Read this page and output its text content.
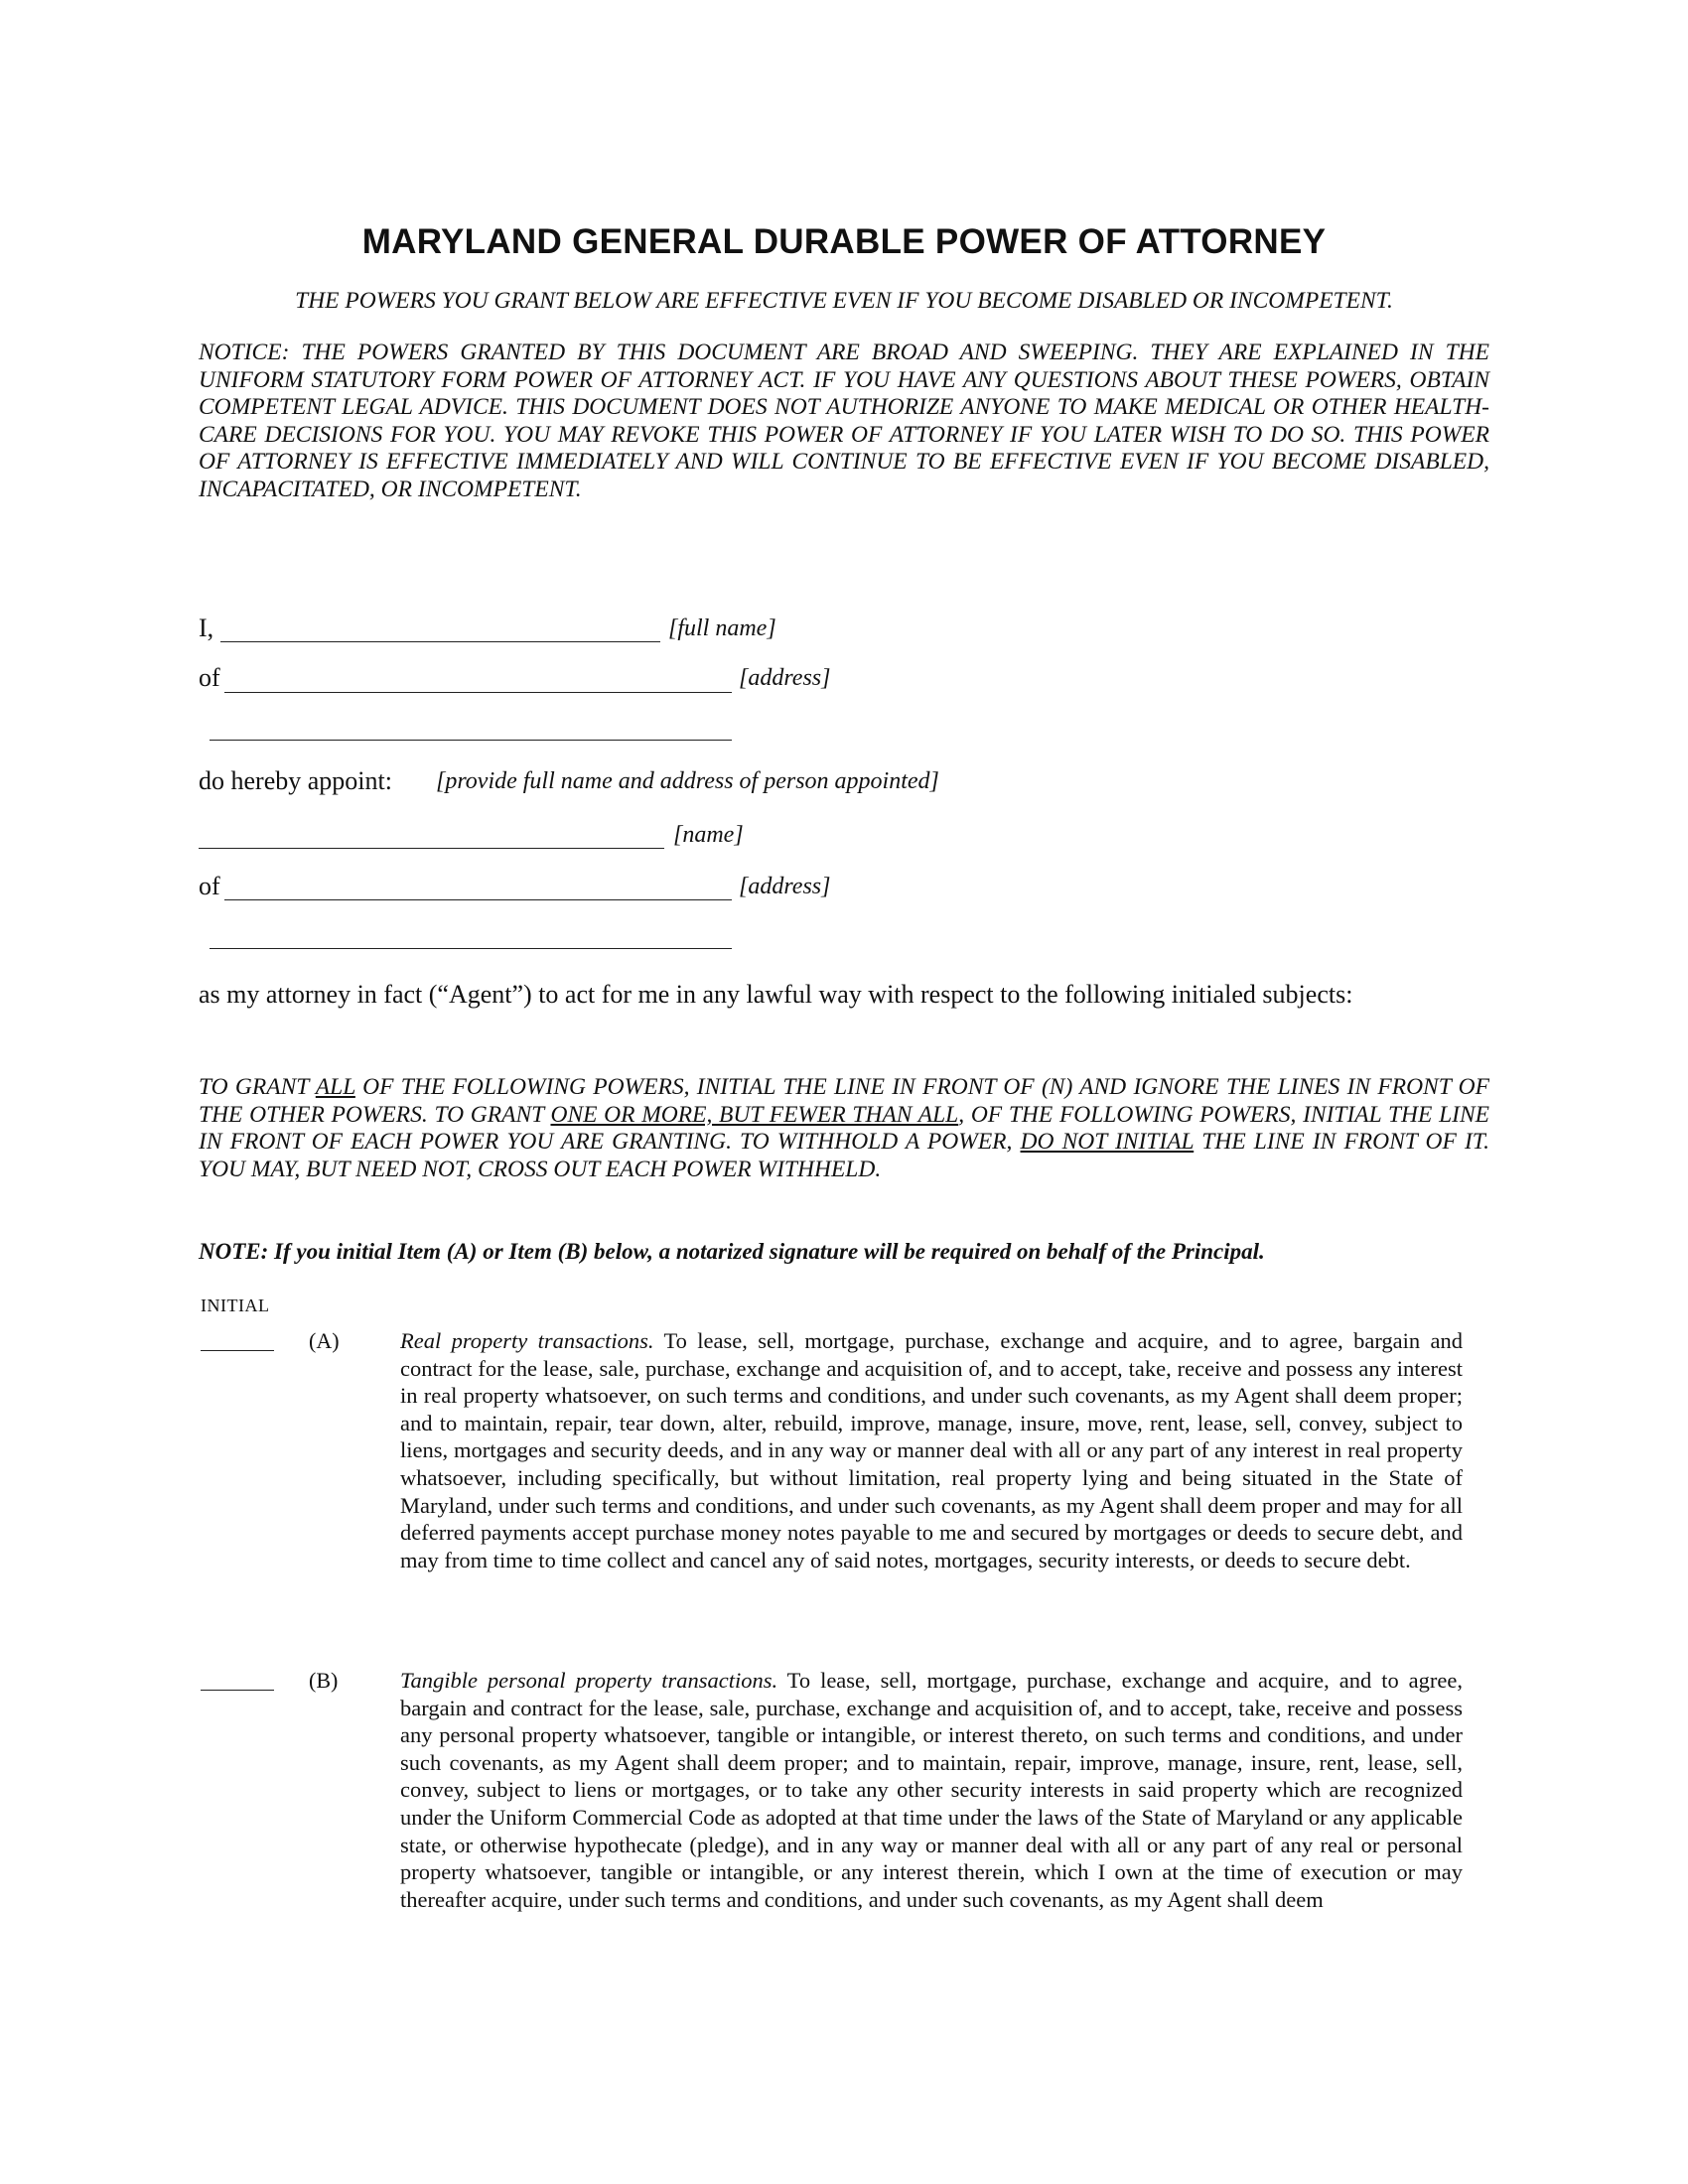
MARYLAND GENERAL DURABLE POWER OF ATTORNEY

THE POWERS YOU GRANT BELOW ARE EFFECTIVE EVEN IF YOU BECOME DISABLED OR INCOMPETENT.

NOTICE: THE POWERS GRANTED BY THIS DOCUMENT ARE BROAD AND SWEEPING. THEY ARE EXPLAINED IN THE UNIFORM STATUTORY FORM POWER OF ATTORNEY ACT. IF YOU HAVE ANY QUESTIONS ABOUT THESE POWERS, OBTAIN COMPETENT LEGAL ADVICE. THIS DOCUMENT DOES NOT AUTHORIZE ANYONE TO MAKE MEDICAL OR OTHER HEALTH-CARE DECISIONS FOR YOU. YOU MAY REVOKE THIS POWER OF ATTORNEY IF YOU LATER WISH TO DO SO. THIS POWER OF ATTORNEY IS EFFECTIVE IMMEDIATELY AND WILL CONTINUE TO BE EFFECTIVE EVEN IF YOU BECOME DISABLED, INCAPACITATED, OR INCOMPETENT.

I,	[full name]
of	[address]
do hereby appoint: [provide full name and address of person appointed]
[name]
of	[address]

as my attorney in fact (“Agent”) to act for me in any lawful way with respect to the following initialed subjects:

TO GRANT ALL OF THE FOLLOWING POWERS, INITIAL THE LINE IN FRONT OF (N) AND IGNORE THE LINES IN FRONT OF THE OTHER POWERS. TO GRANT ONE OR MORE, BUT FEWER THAN ALL, OF THE FOLLOWING POWERS, INITIAL THE LINE IN FRONT OF EACH POWER YOU ARE GRANTING. TO WITHHOLD A POWER, DO NOT INITIAL THE LINE IN FRONT OF IT. YOU MAY, BUT NEED NOT, CROSS OUT EACH POWER WITHHELD.

NOTE: If you initial Item (A) or Item (B) below, a notarized signature will be required on behalf of the Principal.

INITIAL
(A)	Real property transactions. To lease, sell, mortgage, purchase, exchange and acquire, and to agree, bargain and contract for the lease, sale, purchase, exchange and acquisition of, and to accept, take, receive and possess any interest in real property whatsoever, on such terms and conditions, and under such covenants, as my Agent shall deem proper; and to maintain, repair, tear down, alter, rebuild, improve, manage, insure, move, rent, lease, sell, convey, subject to liens, mortgages and security deeds, and in any way or manner deal with all or any part of any interest in real property whatsoever, including specifically, but without limitation, real property lying and being situated in the State of Maryland, under such terms and conditions, and under such covenants, as my Agent shall deem proper and may for all deferred payments accept purchase money notes payable to me and secured by mortgages or deeds to secure debt, and may from time to time collect and cancel any of said notes, mortgages, security interests, or deeds to secure debt.

(B)	Tangible personal property transactions. To lease, sell, mortgage, purchase, exchange and acquire, and to agree, bargain and contract for the lease, sale, purchase, exchange and acquisition of, and to accept, take, receive and possess any personal property whatsoever, tangible or intangible, or interest thereto, on such terms and conditions, and under such covenants, as my Agent shall deem proper; and to maintain, repair, improve, manage, insure, rent, lease, sell, convey, subject to liens or mortgages, or to take any other security interests in said property which are recognized under the Uniform Commercial Code as adopted at that time under the laws of the State of Maryland or any applicable state, or otherwise hypothecate (pledge), and in any way or manner deal with all or any part of any real or personal property whatsoever, tangible or intangible, or any interest therein, which I own at the time of execution or may thereafter acquire, under such terms and conditions, and under such covenants, as my Agent shall deem
